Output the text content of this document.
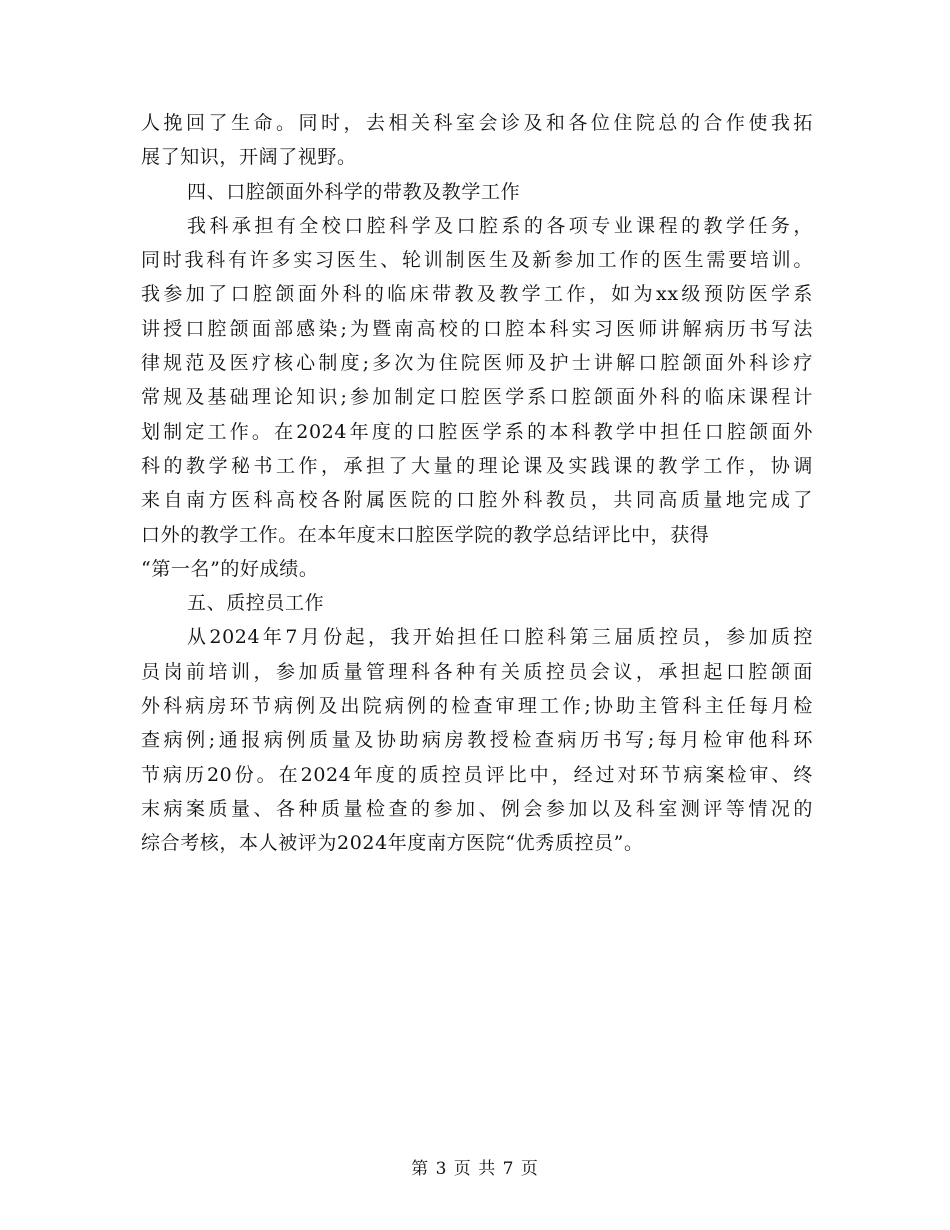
人挽回了生命。同时，去相关科室会诊及和各位住院总的合作使我拓
展了知识，开阔了视野。
四、口腔颌面外科学的带教及教学工作
我科承担有全校口腔科学及口腔系的各项专业课程的教学任务，
同时我科有许多实习医生、轮训制医生及新参加工作的医生需要培训。
我参加了口腔颌面外科的临床带教及教学工作，如为xx级预防医学系
讲授口腔颌面部感染;为暨南高校的口腔本科实习医师讲解病历书写法
律规范及医疗核心制度;多次为住院医师及护士讲解口腔颌面外科诊疗
常规及基础理论知识;参加制定口腔医学系口腔颌面外科的临床课程计
划制定工作。在2024年度的口腔医学系的本科教学中担任口腔颌面外
科的教学秘书工作，承担了大量的理论课及实践课的教学工作，协调
来自南方医科高校各附属医院的口腔外科教员，共同高质量地完成了
口外的教学工作。在本年度末口腔医学院的教学总结评比中，获得
“第一名”的好成绩。
五、质控员工作
从2024年7月份起，我开始担任口腔科第三届质控员，参加质控
员岗前培训，参加质量管理科各种有关质控员会议，承担起口腔颌面
外科病房环节病例及出院病例的检查审理工作;协助主管科主任每月检
查病例;通报病例质量及协助病房教授检查病历书写;每月检审他科环
节病历20份。在2024年度的质控员评比中，经过对环节病案检审、终
末病案质量、各种质量检查的参加、例会参加以及科室测评等情况的
综合考核，本人被评为2024年度南方医院“优秀质控员”。
第 3 页 共 7 页
